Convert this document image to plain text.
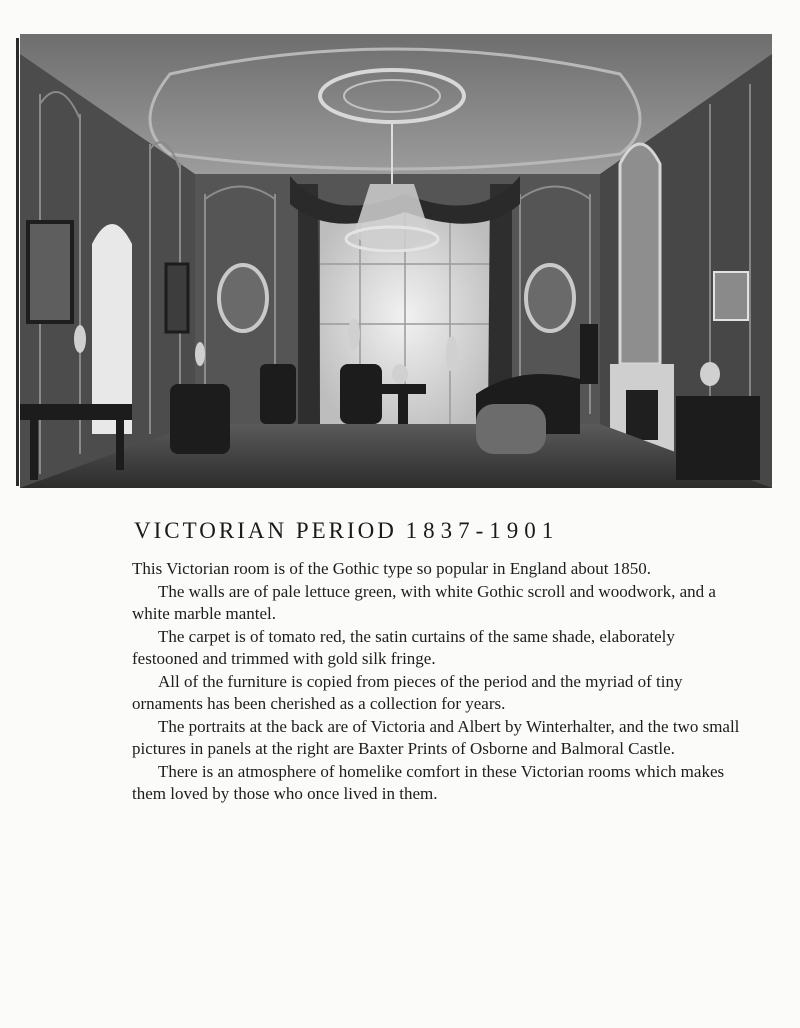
VICTORIAN PERIOD 1837-1901

This Victorian room is of the Gothic type so popular in England about 1850.

The walls are of pale lettuce green, with white Gothic scroll and woodwork, and a white marble mantel.

The carpet is of tomato red, the satin curtains of the same shade, elaborately festooned and trimmed with gold silk fringe.

All of the furniture is copied from pieces of the period and the myriad of tiny ornaments has been cherished as a collection for years.

The portraits at the back are of Victoria and Albert by Winterhalter, and the two small pictures in panels at the right are Baxter Prints of Osborne and Balmoral Castle.

There is an atmosphere of homelike comfort in these Victorian rooms which makes them loved by those who once lived in them.
